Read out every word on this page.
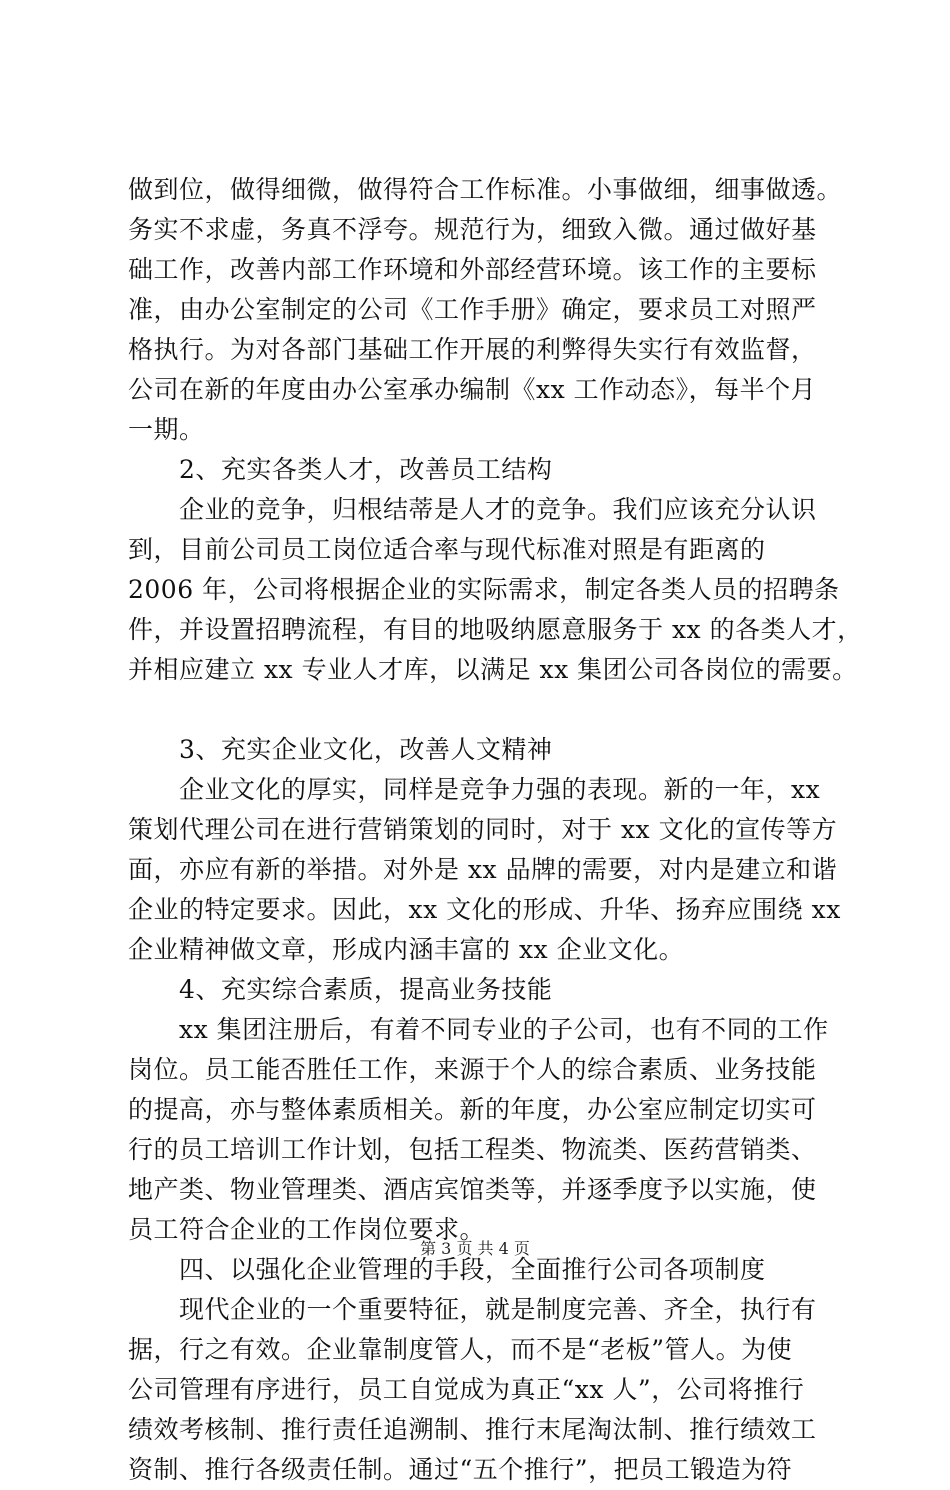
做到位，做得细微，做得符合工作标准。小事做细，细事做透。
务实不求虚，务真不浮夸。规范行为，细致入微。通过做好基
础工作，改善内部工作环境和外部经营环境。该工作的主要标
准，由办公室制定的公司《工作手册》确定，要求员工对照严
格执行。为对各部门基础工作开展的利弊得失实行有效监督，
公司在新的年度由办公室承办编制《xx 工作动态》，每半个月
一期。
　　2、充实各类人才，改善员工结构
　　企业的竞争，归根结蒂是人才的竞争。我们应该充分认识
到，目前公司员工岗位适合率与现代标准对照是有距离的
2006 年，公司将根据企业的实际需求，制定各类人员的招聘条
件，并设置招聘流程，有目的地吸纳愿意服务于 xx 的各类人才，
并相应建立 xx 专业人才库，以满足 xx 集团公司各岗位的需要。
　　3、充实企业文化，改善人文精神
　　企业文化的厚实，同样是竞争力强的表现。新的一年，xx
策划代理公司在进行营销策划的同时，对于 xx 文化的宣传等方
面，亦应有新的举措。对外是 xx 品牌的需要，对内是建立和谐
企业的特定要求。因此，xx 文化的形成、升华、扬弃应围绕 xx
企业精神做文章，形成内涵丰富的 xx 企业文化。
　　4、充实综合素质，提高业务技能
　　xx 集团注册后，有着不同专业的子公司，也有不同的工作
岗位。员工能否胜任工作，来源于个人的综合素质、业务技能
的提高，亦与整体素质相关。新的年度，办公室应制定切实可
行的员工培训工作计划，包括工程类、物流类、医药营销类、
地产类、物业管理类、酒店宾馆类等，并逐季度予以实施，使
员工符合企业的工作岗位要求。
　　四、以强化企业管理的手段，全面推行公司各项制度
　　现代企业的一个重要特征，就是制度完善、齐全，执行有
据，行之有效。企业靠制度管人，而不是“老板”管人。为使
公司管理有序进行，员工自觉成为真正“xx 人”，公司将推行
绩效考核制、推行责任追溯制、推行末尾淘汰制、推行绩效工
资制、推行各级责任制。通过“五个推行”，把员工锻造为符
第 3 页 共 4 页
